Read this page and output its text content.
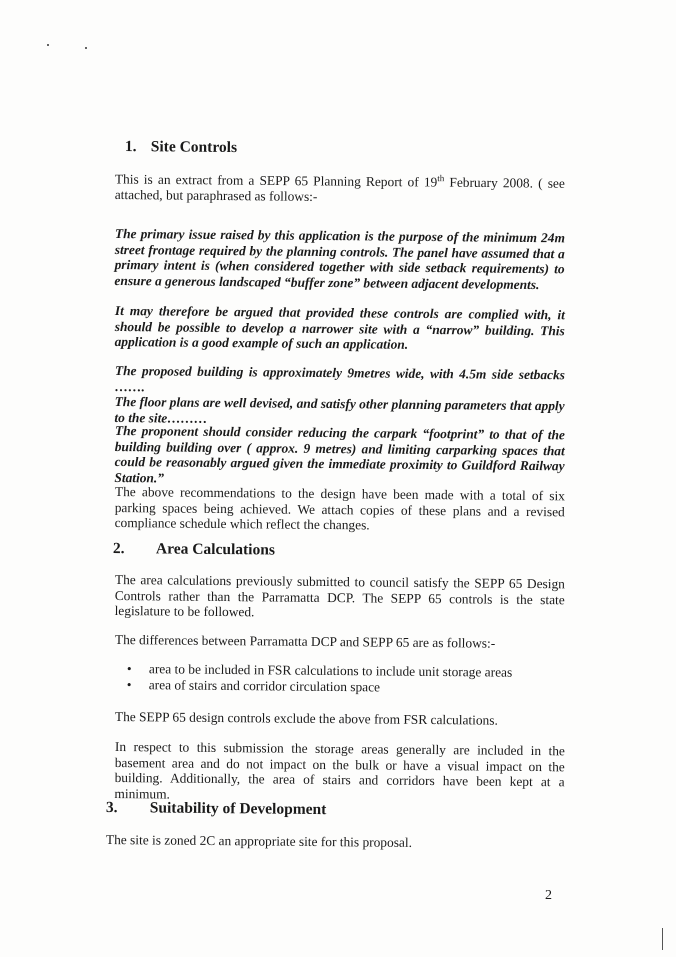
1. Site Controls
This is an extract from a SEPP 65 Planning Report of 19th February 2008. ( see attached, but paraphrased as follows:-
The primary issue raised by this application is the purpose of the minimum 24m street frontage required by the planning controls. The panel have assumed that a primary intent is (when considered together with side setback requirements) to ensure a generous landscaped “buffer zone” between adjacent developments.
It may therefore be argued that provided these controls are complied with, it should be possible to develop a narrower site with a “narrow” building. This application is a good example of such an application.
The proposed building is approximately 9metres wide, with 4.5m side setbacks …….
The floor plans are well devised, and satisfy other planning parameters that apply to the site………
The proponent should consider reducing the carpark “footprint” to that of the building building over ( approx. 9 metres) and limiting carparking spaces that could be reasonably argued given the immediate proximity to Guildford Railway Station.”
The above recommendations to the design have been made with a total of six parking spaces being achieved. We attach copies of these plans and a revised compliance schedule which reflect the changes.
2. Area Calculations
The area calculations previously submitted to council satisfy the SEPP 65 Design Controls rather than the Parramatta DCP. The SEPP 65 controls is the state legislature to be followed.
The differences between Parramatta DCP and SEPP 65 are as follows:-
• area to be included in FSR calculations to include unit storage areas
• area of stairs and corridor circulation space
The SEPP 65 design controls exclude the above from FSR calculations.
In respect to this submission the storage areas generally are included in the basement area and do not impact on the bulk or have a visual impact on the building. Additionally, the area of stairs and corridors have been kept at a minimum.
3. Suitability of Development
The site is zoned 2C an appropriate site for this proposal.
2
